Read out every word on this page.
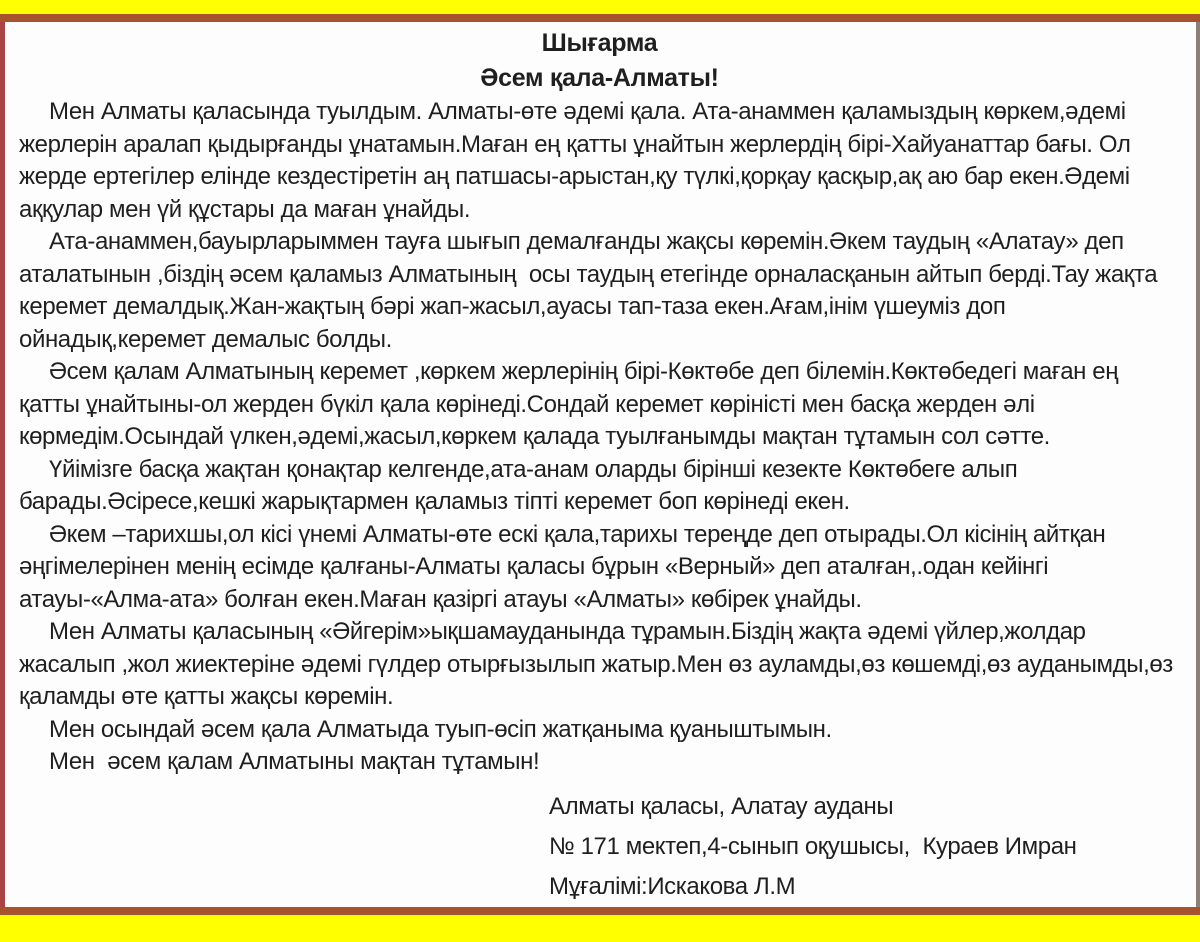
Шығарма
Әсем қала-Алматы!

Мен Алматы қаласында туылдым. Алматы-өте әдемі қала. Ата-анаммен қаламыздың көркем,әдемі жерлерін аралап қыдырғанды ұнатамын.Маған ең қатты ұнайтын жерлердің бірі-Хайуанаттар бағы. Ол жерде ертегілер елінде кездестіретін аң патшасы-арыстан,қу түлкі,қорқау қасқыр,ақ аю бар екен.Әдемі аққулар мен үй құстары да маған ұнайды.

Ата-анаммен,бауырларыммен тауға шығып демалғанды жақсы көремін.Әкем таудың «Алатау» деп аталатынын ,біздің әсем қаламыз Алматының  осы таудың етегінде орналасқанын айтып берді.Тау жақта керемет демалдық.Жан-жақтың бәрі жап-жасыл,ауасы тап-таза екен.Ағам,інім үшеуміз доп ойнадық,керемет демалыс болды.

Әсем қалам Алматының керемет ,көркем жерлерінің бірі-Көктөбе деп білемін.Көктөбедегі маған ең қатты ұнайтыны-ол жерден бүкіл қала көрінеді.Сондай керемет көріністі мен басқа жерден әлі көрмедім.Осындай үлкен,әдемі,жасыл,көркем қалада туылғанымды мақтан тұтамын сол сәтте.

Үйімізге басқа жақтан қонақтар келгенде,ата-анам оларды бірінші кезекте Көктөбеге алып барады.Әсіресе,кешкі жарықтармен қаламыз тіпті керемет боп көрінеді екен.

Әкем –тарихшы,ол кісі үнемі Алматы-өте ескі қала,тарихы тереңде деп отырады.Ол кісінің айтқан әңгімелерінен менің есімде қалғаны-Алматы қаласы бұрын «Верный» деп аталған,.одан кейінгі атауы-«Алма-ата» болған екен.Маған қазіргі атауы «Алматы» көбірек ұнайды.

Мен Алматы қаласының «Әйгерім»ықшамауданында тұрамын.Біздің жақта әдемі үйлер,жолдар жасалып ,жол жиектеріне әдемі гүлдер отырғызылып жатыр.Мен өз ауламды,өз көшемді,өз ауданымды,өз қаламды өте қатты жақсы көремін.

Мен осындай әсем қала Алматыда туып-өсіп жатқаныма қуаныштымын.

Мен  әсем қалам Алматыны мақтан тұтамын!

Алматы қаласы, Алатау ауданы

№ 171 мектеп,4-сынып оқушысы,  Кураев Имран

Мұғалімі:Искакова Л.М
